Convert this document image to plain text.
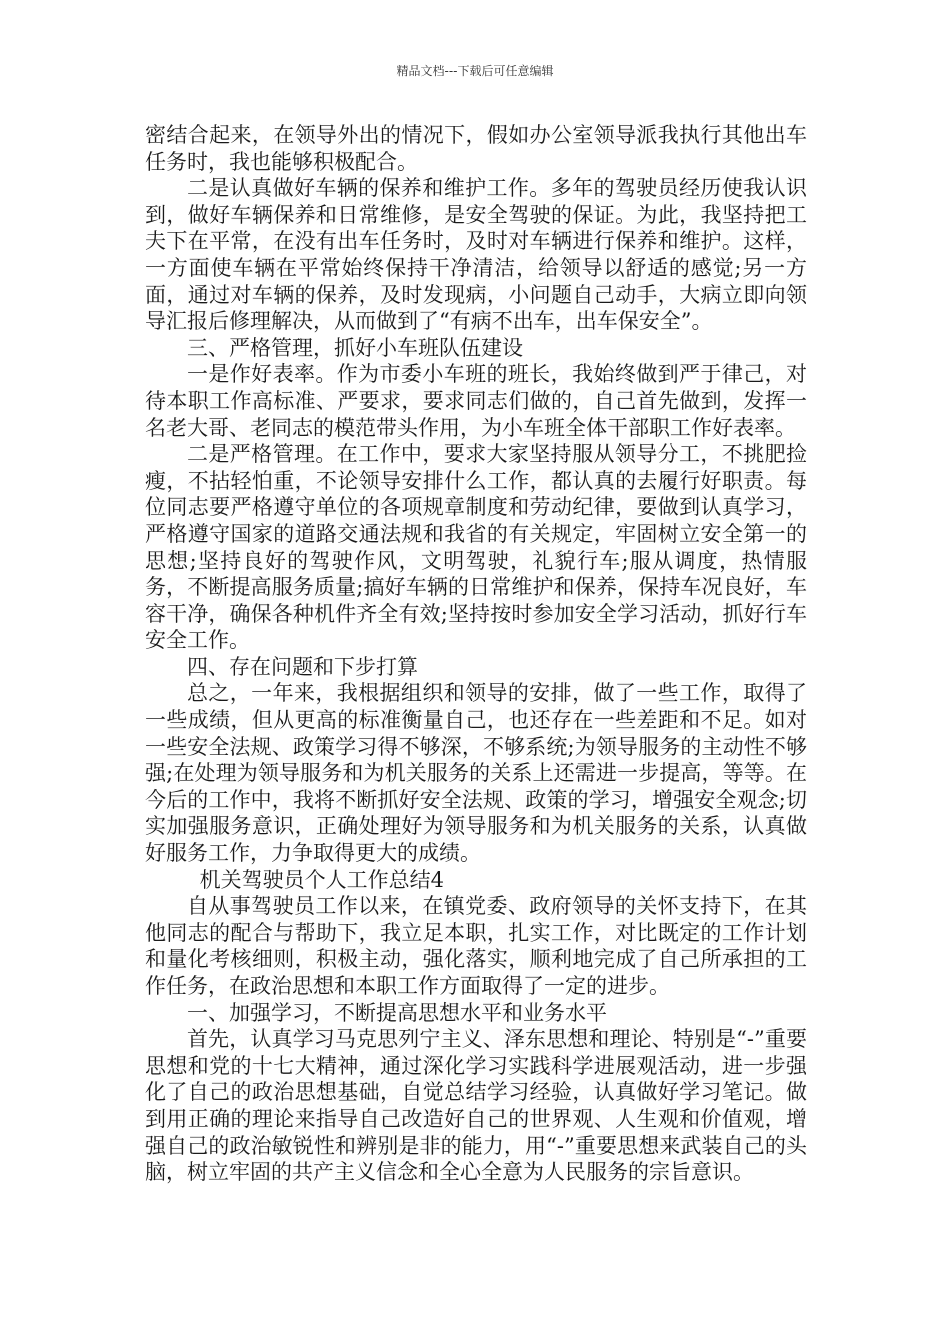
精品文档---下载后可任意编辑

密结合起来，在领导外出的情况下，假如办公室领导派我执行其他出车任务时，我也能够积极配合。

二是认真做好车辆的保养和维护工作。多年的驾驶员经历使我认识到，做好车辆保养和日常维修，是安全驾驶的保证。为此，我坚持把工夫下在平常，在没有出车任务时，及时对车辆进行保养和维护。这样，一方面使车辆在平常始终保持干净清洁，给领导以舒适的感觉;另一方面，通过对车辆的保养，及时发现病，小问题自己动手，大病立即向领导汇报后修理解决，从而做到了“有病不出车，出车保安全”。

三、严格管理，抓好小车班队伍建设

一是作好表率。作为市委小车班的班长，我始终做到严于律己，对待本职工作高标准、严要求，要求同志们做的，自己首先做到，发挥一名老大哥、老同志的模范带头作用，为小车班全体干部职工作好表率。

二是严格管理。在工作中，要求大家坚持服从领导分工，不挑肥捡瘦，不拈轻怕重，不论领导安排什么工作，都认真的去履行好职责。每位同志要严格遵守单位的各项规章制度和劳动纪律，要做到认真学习，严格遵守国家的道路交通法规和我省的有关规定，牢固树立安全第一的思想;坚持良好的驾驶作风，文明驾驶，礼貌行车;服从调度，热情服务，不断提高服务质量;搞好车辆的日常维护和保养，保持车况良好，车容干净，确保各种机件齐全有效;坚持按时参加安全学习活动，抓好行车安全工作。

四、存在问题和下步打算

总之，一年来，我根据组织和领导的安排，做了一些工作，取得了一些成绩，但从更高的标准衡量自己，也还存在一些差距和不足。如对一些安全法规、政策学习得不够深，不够系统;为领导服务的主动性不够强;在处理为领导服务和为机关服务的关系上还需进一步提高，等等。在今后的工作中，我将不断抓好安全法规、政策的学习，增强安全观念;切实加强服务意识，正确处理好为领导服务和为机关服务的关系，认真做好服务工作，力争取得更大的成绩。

机关驾驶员个人工作总结4

自从事驾驶员工作以来，在镇党委、政府领导的关怀支持下，在其他同志的配合与帮助下，我立足本职，扎实工作，对比既定的工作计划和量化考核细则，积极主动，强化落实，顺利地完成了自己所承担的工作任务，在政治思想和本职工作方面取得了一定的进步。

一、加强学习，不断提高思想水平和业务水平

首先，认真学习马克思列宁主义、泽东思想和理论、特别是“-”重要思想和党的十七大精神，通过深化学习实践科学进展观活动，进一步强化了自己的政治思想基础，自觉总结学习经验，认真做好学习笔记。做到用正确的理论来指导自己改造好自己的世界观、人生观和价值观，增强自己的政治敏锐性和辨别是非的能力，用“-”重要思想来武装自己的头脑，树立牢固的共产主义信念和全心全意为人民服务的宗旨意识。
